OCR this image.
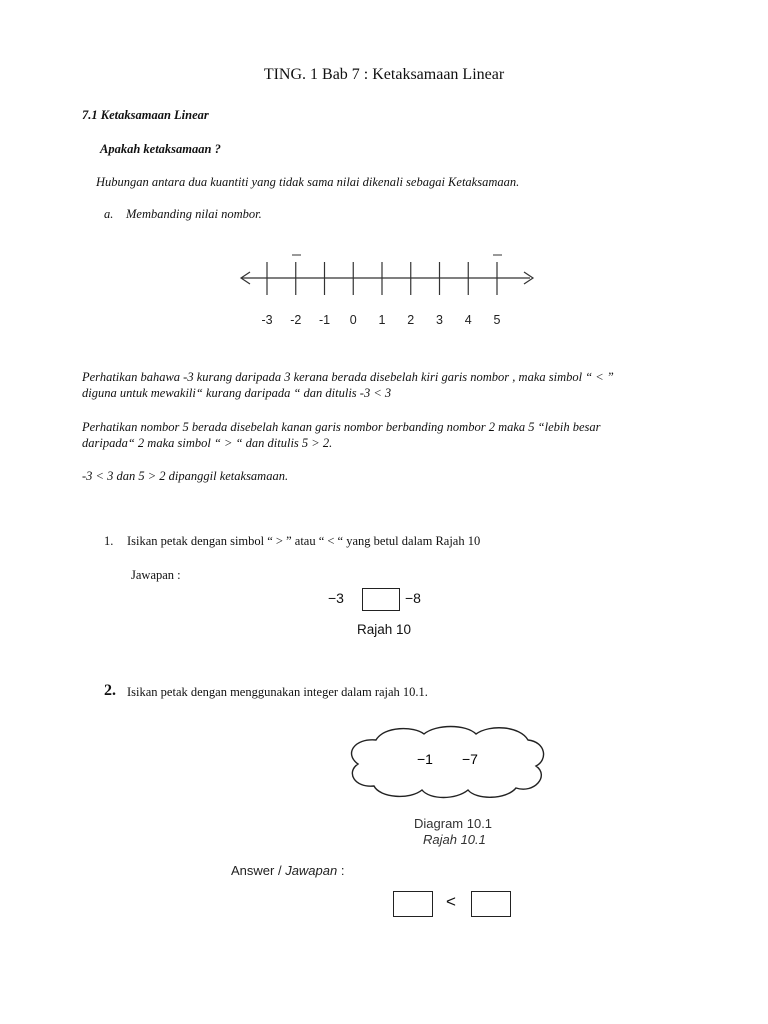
TING. 1 Bab 7 : Ketaksamaan Linear
7.1 Ketaksamaan Linear
Apakah ketaksamaan ?
Hubungan antara dua kuantiti yang tidak sama nilai dikenali sebagai Ketaksamaan.
a. Membanding nilai nombor.
-3 -2 -1 0 1 2 3 4 5
Perhatikan bahawa -3 kurang daripada 3 kerana berada disebelah kiri garis nombor , maka simbol “ < ”
diguna untuk mewakili“ kurang daripada “ dan ditulis -3 < 3
Perhatikan nombor 5 berada disebelah kanan garis nombor berbanding nombor 2 maka 5 “lebih besar
daripada“ 2 maka simbol “ > “ dan ditulis 5 > 2.
-3 < 3 dan 5 > 2 dipanggil ketaksamaan.
1. Isikan petak dengan simbol “ > ” atau “ < “ yang betul dalam Rajah 10
Jawapan :
−3	−8
Rajah 10
2. Isikan petak dengan menggunakan integer dalam rajah 10.1.
−1 −7
Diagram 10.1
Rajah 10.1
Answer / Jawapan :
<
